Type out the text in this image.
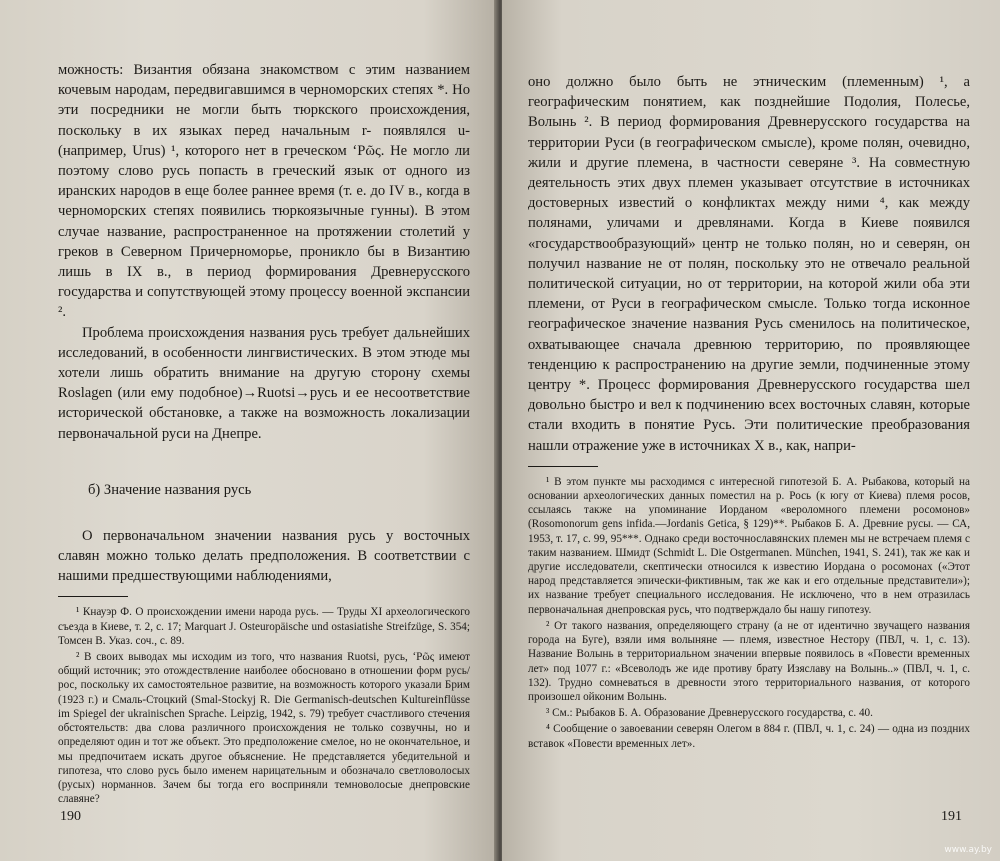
можность: Византия обязана знакомством с этим названием кочевым народам, передвигавшимся в черноморских степях *. Но эти посредники не могли быть тюркского происхождения, поскольку в их языках перед начальным r- появлялся u- (например, Urus) ¹, которого нет в греческом ‘Ρῶς. Не могло ли поэтому слово русь попасть в греческий язык от одного из иранских народов в еще более раннее время (т. е. до IV в., когда в черноморских степях появились тюркоязычные гунны). В этом случае название, распространенное на протяжении столетий у греков в Северном Причерноморье, проникло бы в Византию лишь в IX в., в период формирования Древнерусского государства и сопутствующей этому процессу военной экспансии ².

Проблема происхождения названия русь требует дальнейших исследований, в особенности лингвистических. В этом этюде мы хотели лишь обратить внимание на другую сторону схемы Roslagen (или ему подобное)→Ruotsi→русь и ее несоответствие исторической обстановке, а также на возможность локализации первоначальной руси на Днепре.

б) Значение названия русь

О первоначальном значении названия русь у восточных славян можно только делать предположения. В соответствии с нашими предшествующими наблюдениями,

¹ Кнауэр Ф. О происхождении имени народа русь. — Труды XI археологического съезда в Киеве, т. 2, с. 17; Marquart J. Osteuropäische und ostasiatishe Streifzüge, S. 354; Томсен В. Указ. соч., с. 89.

² В своих выводах мы исходим из того, что названия Ruotsi, русь, ‘Ρῶς имеют общий источник; это отождествление наиболее обосновано в отношении форм русь/рос, поскольку их самостоятельное развитие, на возможность которого указали Брим (1923 г.) и Смаль-Стоцкий (Smal-Stockyj R. Die Germanisch-deutschen Kultureinflüsse im Spiegel der ukrainischen Sprache. Leipzig, 1942, s. 79) требует счастливого стечения обстоятельств: два слова различного происхождения не только созвучны, но и определяют один и тот же объект. Это предположение смелое, но не окончательное, и мы предпочитаем искать другое объяснение. Не представляется убедительной и гипотеза, что слово русь было именем нарицательным и обозначало светловолосых (русых) норманнов. Зачем бы тогда его восприняли темноволосые днепровские славяне?

190

оно должно было быть не этническим (племенным) ¹, а географическим понятием, как позднейшие Подолия, Полесье, Волынь ². В период формирования Древнерусского государства на территории Руси (в географическом смысле), кроме полян, очевидно, жили и другие племена, в частности северяне ³. На совместную деятельность этих двух племен указывает отсутствие в источниках достоверных известий о конфликтах между ними ⁴, как между полянами, уличами и древлянами. Когда в Киеве появился «государствообразующий» центр не только полян, но и северян, он получил название не от полян, поскольку это не отвечало реальной политической ситуации, но от территории, на которой жили оба эти племени, от Руси в географическом смысле. Только тогда исконное географическое значение названия Русь сменилось на политическое, охватывающее сначала древнюю территорию, по проявляющее тенденцию к распространению на другие земли, подчиненные этому центру *. Процесс формирования Древнерусского государства шел довольно быстро и вел к подчинению всех восточных славян, которые стали входить в понятие Русь. Эти политические преобразования нашли отражение уже в источниках X в., как, напри-

¹ В этом пункте мы расходимся с интересной гипотезой Б. А. Рыбакова, который на основании археологических данных поместил на р. Рось (к югу от Киева) племя росов, ссылаясь также на упоминание Иорданом «вероломного племени росомонов» (Rosomonorum gens infida.—Jordanis Getica, § 129)**. Рыбаков Б. А. Древние русы. — СА, 1953, т. 17, с. 99, 95***. Однако среди восточнославянских племен мы не встречаем племя с таким названием. Шмидт (Schmidt L. Die Ostgermanen. München, 1941, S. 241), так же как и другие исследователи, скептически относился к известию Иордана о росомонах («Этот народ представляется эпически-фиктивным, так же как и его отдельные представители»); их название требует специального исследования. Не исключено, что в нем отразилась первоначальная днепровская русь, что подтверждало бы нашу гипотезу.

² От такого названия, определяющего страну (а не от идентично звучащего названия города на Буге), взяли имя волыняне — племя, известное Нестору (ПВЛ, ч. 1, с. 13). Название Волынь в территориальном значении впервые появилось в «Повести временных лет» под 1077 г.: «Всеволодъ же иде противу брату Изяславу на Волынь..» (ПВЛ, ч. 1, с. 132). Трудно сомневаться в древности этого территориального названия, от которого произошел ойконим Волынь.

³ См.: Рыбаков Б. А. Образование Древнерусского государства, с. 40.

⁴ Сообщение о завоевании северян Олегом в 884 г. (ПВЛ, ч. 1, с. 24) — одна из поздних вставок «Повести временных лет».

191
www.ay.by
